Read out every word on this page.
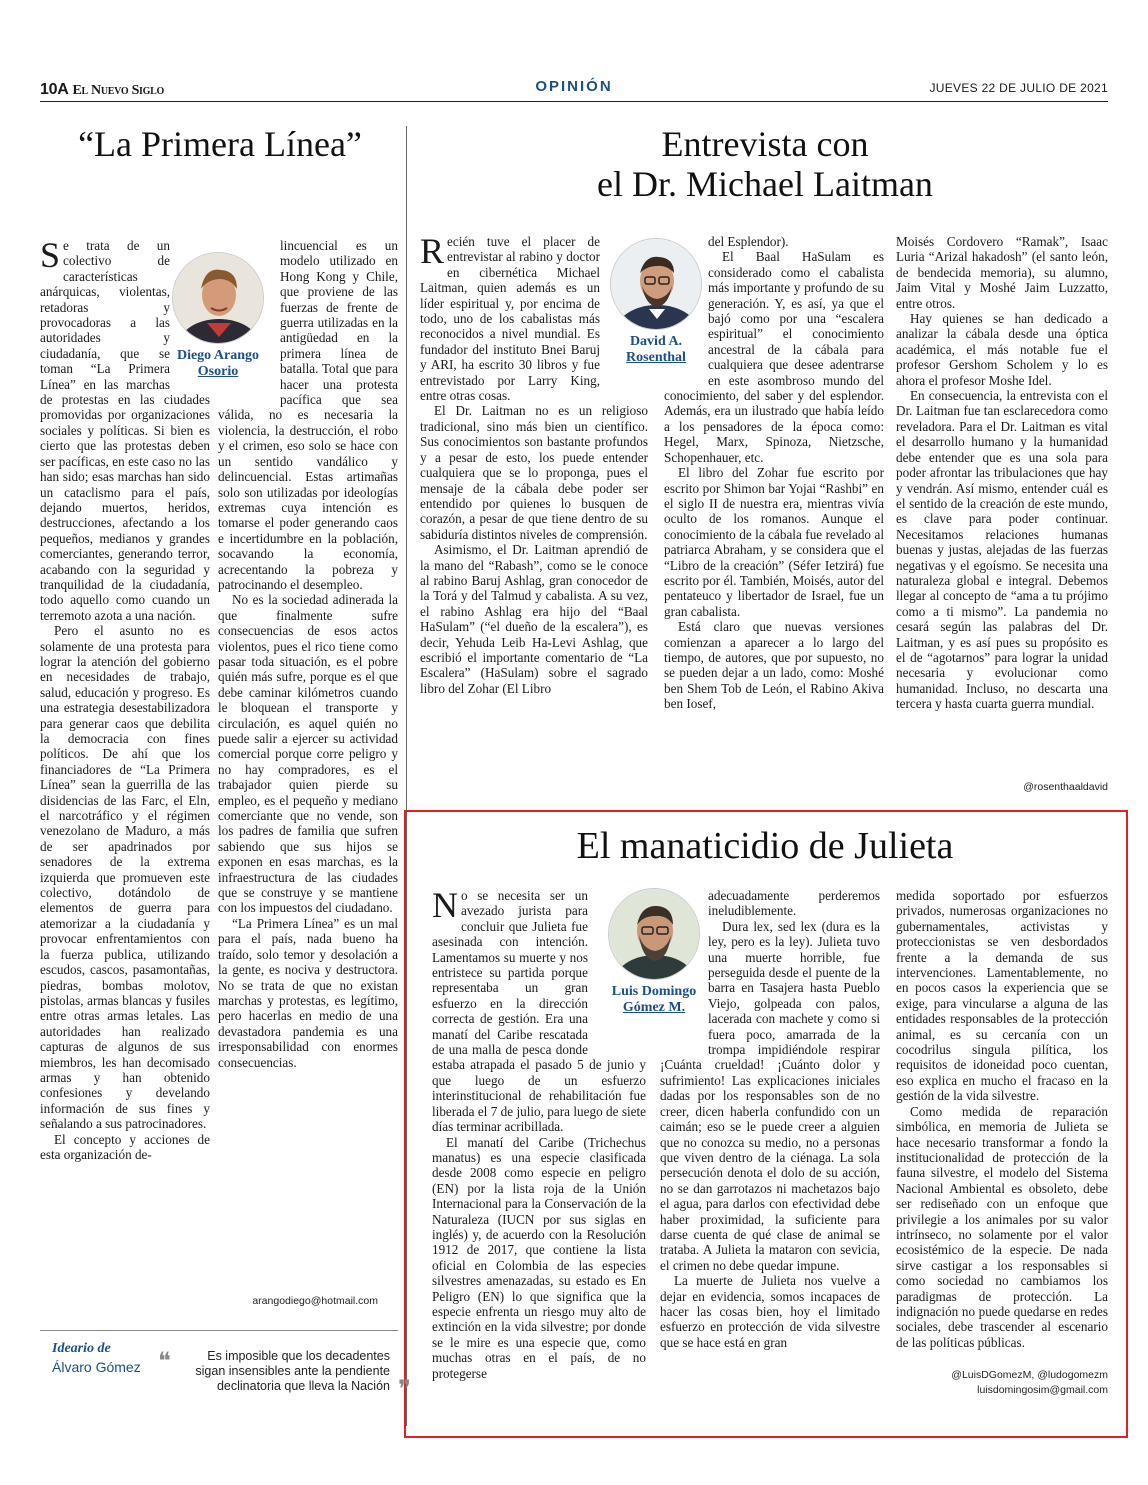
10A El Nuevo Siglo	OPINIÓN	JUEVES 22 DE JULIO DE 2021
“La Primera Línea”
Diego Arango
Osorio

Se trata de un colectivo de características anárquicas, violentas, retadoras y provocadoras a las autoridades y ciudadanía, que se toman “La Primera Línea” en las marchas de protestas en las ciudades promovidas por organizaciones sociales y políticas. Si bien es cierto que las protestas deben ser pacíficas, en este caso no las han sido; esas marchas han sido un cataclismo para el país, dejando muertos, heridos, destrucciones, afectando a los pequeños, medianos y grandes comerciantes, generando terror, acabando con la seguridad y tranquilidad de la ciudadanía, todo aquello como cuando un terremoto azota a una nación.

Pero el asunto no es solamente de una protesta para lograr la atención del gobierno en necesidades de trabajo, salud, educación y progreso. Es una estrategia desestabilizadora para generar caos que debilita la democracia con fines políticos. De ahí que los financiadores de “La Primera Línea” sean la guerrilla de las disidencias de las Farc, el Eln, el narcotráfico y el régimen venezolano de Maduro, a más de ser apadrinados por senadores de la extrema izquierda que promueven este colectivo, dotándolo de elementos de guerra para atemorizar a la ciudadanía y provocar enfrentamientos con la fuerza publica, utilizando escudos, cascos, pasamontañas, piedras, bombas molotov, pistolas, armas blancas y fusiles entre otras armas letales. Las autoridades han realizado capturas de algunos de sus miembros, les han decomisado armas y han obtenido confesiones y develando información de sus fines y señalando a sus patrocinadores.

El concepto y acciones de esta organización de-

lincuencial es un modelo utilizado en Hong Kong y Chile, que proviene de las fuerzas de frente de guerra utilizadas en la antigüedad en la primera línea de batalla. Total que para hacer una protesta pacífica que sea válida, no es necesaria la violencia, la destrucción, el robo y el crimen, eso solo se hace con un sentido vandálico y delincuencial. Estas artimañas solo son utilizadas por ideologías extremas cuya intención es tomarse el poder generando caos e incertidumbre en la población, socavando la economía, acrecentando la pobreza y patrocinando el desempleo.

No es la sociedad adinerada la que finalmente sufre consecuencias de esos actos violentos, pues el rico tiene como pasar toda situación, es el pobre quién más sufre, porque es el que debe caminar kilómetros cuando le bloquean el transporte y circulación, es aquel quién no puede salir a ejercer su actividad comercial porque corre peligro y no hay compradores, es el trabajador quien pierde su empleo, es el pequeño y mediano comerciante que no vende, son los padres de familia que sufren sabiendo que sus hijos se exponen en esas marchas, es la infraestructura de las ciudades que se construye y se mantiene con los impuestos del ciudadano.

“La Primera Línea” es un mal para el país, nada bueno ha traído, solo temor y desolación a la gente, es nociva y destructora. No se trata de que no existan marchas y protestas, es legítimo, pero hacerlas en medio de una devastadora pandemia es una irresponsabilidad con enormes consecuencias.

arangodiego@hotmail.com
Entrevista con
el Dr. Michael Laitman
David A.
Rosenthal

Recién tuve el placer de entrevistar al rabino y doctor en cibernética Michael Laitman, quien además es un líder espiritual y, por encima de todo, uno de los cabalistas más reconocidos a nivel mundial. Es fundador del instituto Bnei Baruj y ARI, ha escrito 30 libros y fue entrevistado por Larry King, entre otras cosas.

El Dr. Laitman no es un religioso tradicional, sino más bien un científico. Sus conocimientos son bastante profundos y a pesar de esto, los puede entender cualquiera que se lo proponga, pues el mensaje de la cábala debe poder ser entendido por quienes lo busquen de corazón, a pesar de que tiene dentro de su sabiduría distintos niveles de comprensión.

Asimismo, el Dr. Laitman aprendió de la mano del “Rabash”, como se le conoce al rabino Baruj Ashlag, gran conocedor de la Torá y del Talmud y cabalista. A su vez, el rabino Ashlag era hijo del “Baal HaSulam” (“el dueño de la escalera”), es decir, Yehuda Leib Ha-Levi Ashlag, que escribió el importante comentario de “La Escalera” (HaSulam) sobre el sagrado libro del Zohar (El Libro

del Esplendor).

El Baal HaSulam es considerado como el cabalista más importante y profundo de su generación. Y, es así, ya que el bajó como por una “escalera espiritual” el conocimiento ancestral de la cábala para cualquiera que desee adentrarse en este asombroso mundo del conocimiento, del saber y del esplendor. Además, era un ilustrado que había leído a los pensadores de la época como: Hegel, Marx, Spinoza, Nietzsche, Schopenhauer, etc.

El libro del Zohar fue escrito por escrito por Shimon bar Yojai “Rashbi” en el siglo II de nuestra era, mientras vivía oculto de los romanos. Aunque el conocimiento de la cábala fue revelado al patriarca Abraham, y se considera que el “Libro de la creación” (Séfer Ietzirá) fue escrito por él. También, Moisés, autor del pentateuco y libertador de Israel, fue un gran cabalista.

Está claro que nuevas versiones comienzan a aparecer a lo largo del tiempo, de autores, que por supuesto, no se pueden dejar a un lado, como: Moshé ben Shem Tob de León, el Rabino Akiva ben Iosef,

Moisés Cordovero “Ramak”, Isaac Luria “Arizal hakadosh” (el santo león, de bendecida memoria), su alumno, Jaim Vital y Moshé Jaim Luzzatto, entre otros.

Hay quienes se han dedicado a analizar la cábala desde una óptica académica, el más notable fue el profesor Gershom Scholem y lo es ahora el profesor Moshe Idel.

En consecuencia, la entrevista con el Dr. Laitman fue tan esclarecedora como reveladora. Para el Dr. Laitman es vital el desarrollo humano y la humanidad debe entender que es una sola para poder afrontar las tribulaciones que hay y vendrán. Así mismo, entender cuál es el sentido de la creación de este mundo, es clave para poder continuar. Necesitamos relaciones humanas buenas y justas, alejadas de las fuerzas negativas y el egoísmo. Se necesita una naturaleza global e integral. Debemos llegar al concepto de “ama a tu prójimo como a ti mismo”. La pandemia no cesará según las palabras del Dr. Laitman, y es así pues su propósito es el de “agotarnos” para lograr la unidad necesaria y evolucionar como humanidad. Incluso, no descarta una tercera y hasta cuarta guerra mundial.

@rosenthaaldavid
El manaticidio de Julieta
Luis Domingo
Gómez M.

No se necesita ser un avezado jurista para concluir que Julieta fue asesinada con intención. Lamentamos su muerte y nos entristece su partida porque representaba un gran esfuerzo en la dirección correcta de gestión. Era una manatí del Caribe rescatada de una malla de pesca donde estaba atrapada el pasado 5 de junio y que luego de un esfuerzo interinstitucional de rehabilitación fue liberada el 7 de julio, para luego de siete días terminar acribillada.

El manatí del Caribe (Trichechus manatus) es una especie clasificada desde 2008 como especie en peligro (EN) por la lista roja de la Unión Internacional para la Conservación de la Naturaleza (IUCN por sus siglas en inglés) y, de acuerdo con la Resolución 1912 de 2017, que contiene la lista oficial en Colombia de las especies silvestres amenazadas, su estado es En Peligro (EN) lo que significa que la especie enfrenta un riesgo muy alto de extinción en la vida silvestre; por donde se le mire es una especie que, como muchas otras en el país, de no protegerse

adecuadamente perderemos ineludiblemente.

Dura lex, sed lex (dura es la ley, pero es la ley). Julieta tuvo una muerte horrible, fue perseguida desde el puente de la barra en Tasajera hasta Pueblo Viejo, golpeada con palos, lacerada con machete y como si fuera poco, amarrada de la trompa impidiéndole respirar ¡Cuánta crueldad! ¡Cuánto dolor y sufrimiento! Las explicaciones iniciales dadas por los responsables son de no creer, dicen haberla confundido con un caimán; eso se le puede creer a alguien que no conozca su medio, no a personas que viven dentro de la ciénaga. La sola persecución denota el dolo de su acción, no se dan garrotazos ni machetazos bajo el agua, para darlos con efectividad debe haber proximidad, la suficiente para darse cuenta de qué clase de animal se trataba. A Julieta la mataron con sevicia, el crimen no debe quedar impune.

La muerte de Julieta nos vuelve a dejar en evidencia, somos incapaces de hacer las cosas bien, hoy el limitado esfuerzo en protección de vida silvestre que se hace está en gran

medida soportado por esfuerzos privados, numerosas organizaciones no gubernamentales, activistas y proteccionistas se ven desbordados frente a la demanda de sus intervenciones. Lamentablemente, no en pocos casos la experiencia que se exige, para vincularse a alguna de las entidades responsables de la protección animal, es su cercanía con un cocodrilus singula pilítica, los requisitos de idoneidad poco cuentan, eso explica en mucho el fracaso en la gestión de la vida silvestre.

Como medida de reparación simbólica, en memoria de Julieta se hace necesario transformar a fondo la institucionalidad de protección de la fauna silvestre, el modelo del Sistema Nacional Ambiental es obsoleto, debe ser rediseñado con un enfoque que privilegie a los animales por su valor intrínseco, no solamente por el valor ecosistémico de la especie. De nada sirve castigar a los responsables si como sociedad no cambiamos los paradigmas de protección. La indignación no puede quedarse en redes sociales, debe trascender al escenario de las políticas públicas.

@LuisDGomezM, @ludogomezm
luisdomingosim@gmail.com
Ideario de
Álvaro Gómez ❝	Es imposible que los decadentes sigan insensibles ante la pendiente declinatoria que lleva la Nación ❞
